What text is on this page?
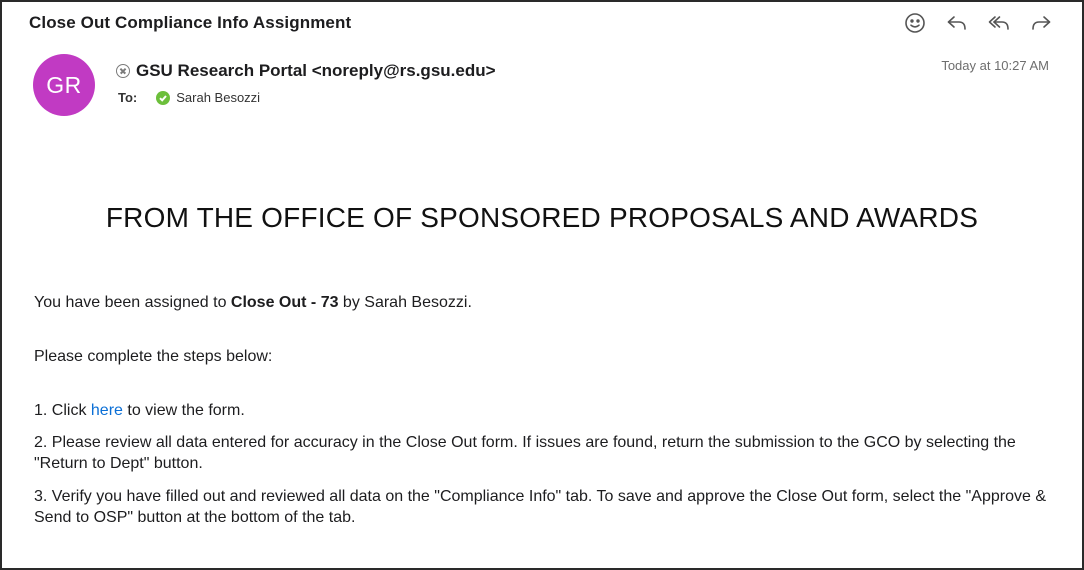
Close Out Compliance Info Assignment
GR
GSU Research Portal <noreply@rs.gsu.edu>
To:	Sarah Besozzi
Today at 10:27 AM
FROM THE OFFICE OF SPONSORED PROPOSALS AND AWARDS
You have been assigned to Close Out - 73 by Sarah Besozzi.
Please complete the steps below:
1. Click here to view the form.
2. Please review all data entered for accuracy in the Close Out form. If issues are found, return the submission to the GCO by selecting the "Return to Dept" button.
3. Verify you have filled out and reviewed all data on the "Compliance Info" tab. To save and approve the Close Out form, select the "Approve & Send to OSP" button at the bottom of the tab.
